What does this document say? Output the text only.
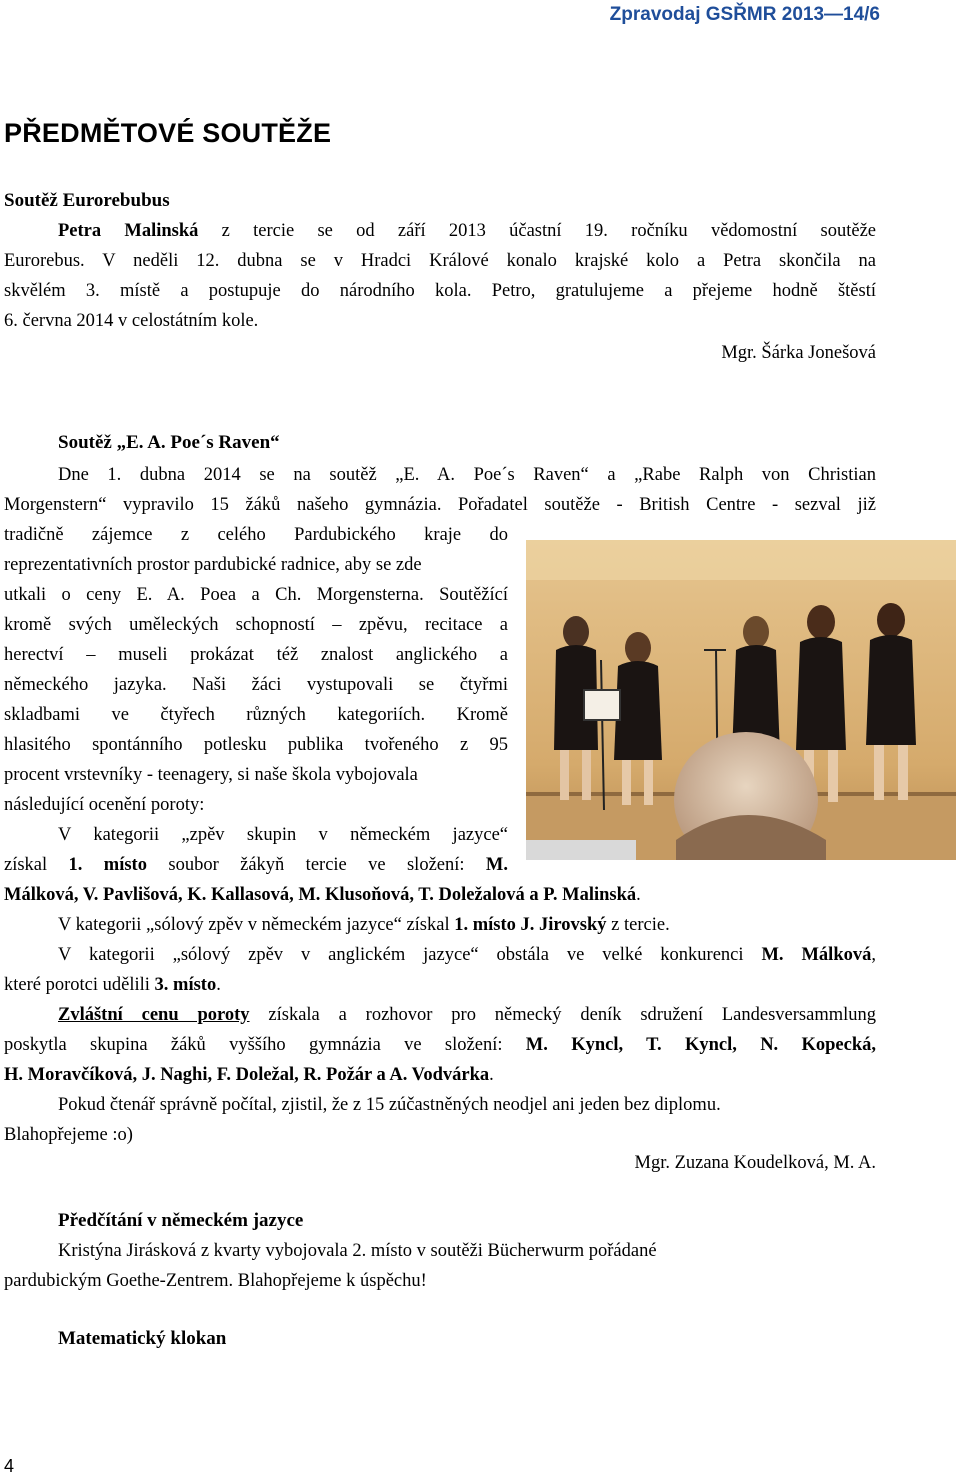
Zpravodaj GSŘMR 2013—14/6
PŘEDMĚTOVÉ SOUTĚŽE
Soutěž Eurorebubus
Petra Malinská z tercie se od září 2013 účastní 19. ročníku vědomostní soutěže
Eurorebus. V neděli 12. dubna se v Hradci Králové konalo krajské kolo a Petra skončila na
skvělém 3. místě a postupuje do národního kola. Petro, gratulujeme a přejeme hodně štěstí
6. června 2014 v celostátním kole.
Mgr. Šárka Jonešová
Soutěž „E. A. Poe´s Raven“
Dne 1. dubna 2014 se na soutěž „E. A. Poe´s Raven“ a „Rabe Ralph von Christian
Morgenstern“ vypravilo 15 žáků našeho gymnázia. Pořadatel soutěže - British Centre - sezval již
tradičně zájemce z celého Pardubického kraje do
reprezentativních prostor pardubické radnice, aby se zde
utkali o ceny E. A. Poea a Ch. Morgensterna. Soutěžící
kromě svých uměleckých schopností – zpěvu, recitace a
herectví – museli prokázat též znalost anglického a
německého jazyka. Naši žáci vystupovali se čtyřmi
skladbami ve čtyřech různých kategoriích. Kromě
hlasitého spontánního potlesku publika tvořeného z 95
procent vrstevníky - teenagery, si naše škola vybojovala
následující ocenění poroty:
V kategorii „zpěv skupin v německém jazyce“
získal 1. místo soubor žákyň tercie ve složení: M.
Málková, V. Pavlišová, K. Kallasová, M. Klusoňová, T. Doležalová a P. Malinská.
V kategorii „sólový zpěv v německém jazyce“ získal 1. místo J. Jirovský z tercie.
V kategorii „sólový zpěv v anglickém jazyce“ obstála ve velké konkurenci M. Málková,
které porotci udělili 3. místo.
Zvláštní cenu poroty získala a rozhovor pro německý deník sdružení Landesversammlung
poskytla skupina žáků vyššího gymnázia ve složení: M. Kyncl, T. Kyncl, N. Kopecká,
H. Moravčíková, J. Naghi, F. Doležal, R. Požár a A. Vodvárka.
Pokud čtenář správně počítal, zjistil, že z 15 zúčastněných neodjel ani jeden bez diplomu.
Blahopřejeme :o)
Mgr. Zuzana Koudelková, M. A.
Předčítání v německém jazyce
Kristýna Jirásková z kvarty vybojovala 2. místo v soutěži Bücherwurm pořádané
pardubickým Goethe-Zentrem. Blahopřejeme k úspěchu!
Matematický klokan
4
